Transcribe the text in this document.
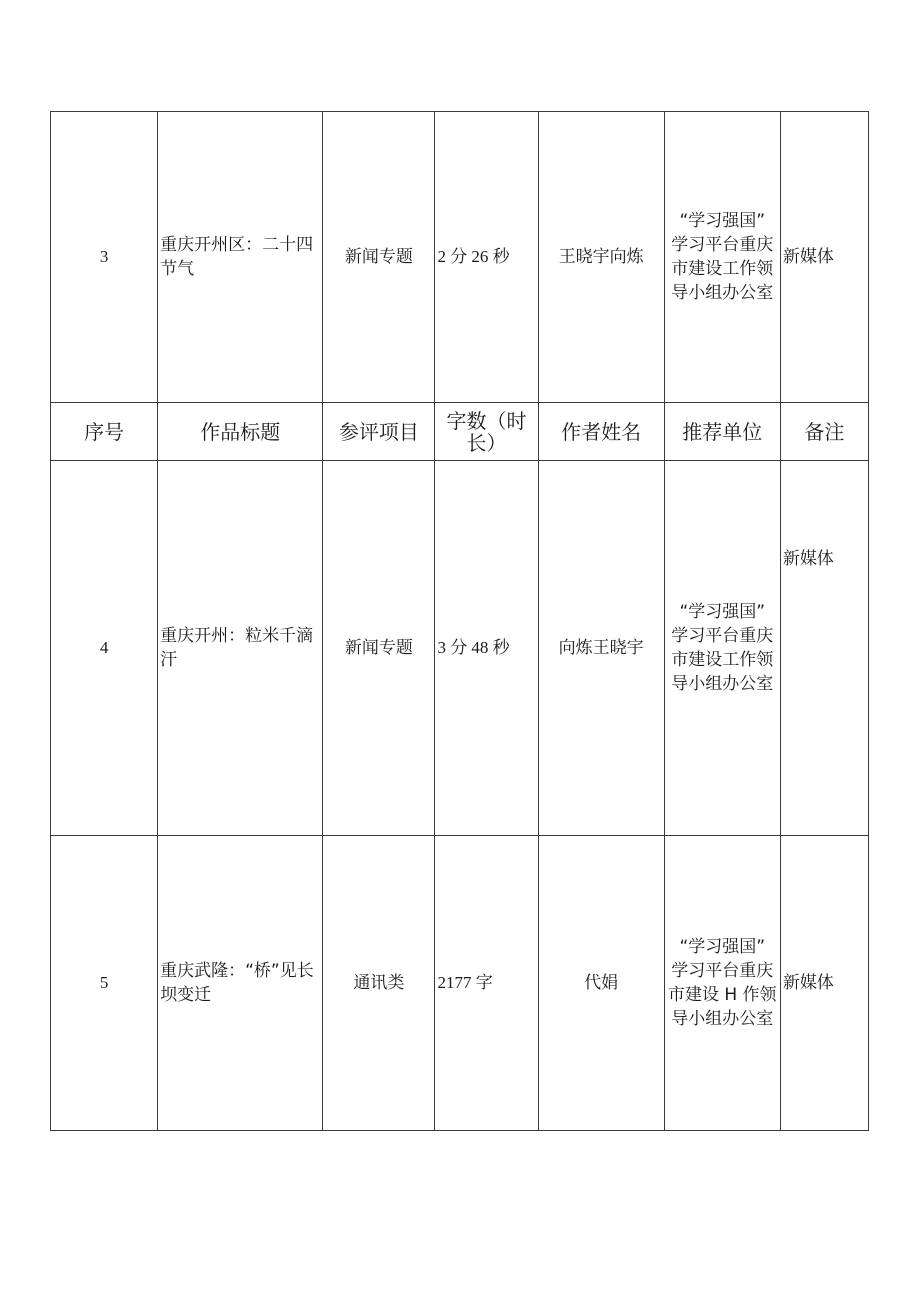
3	重庆开州区：二十四节气	新闻专题	2 分 26 秒	王晓宇向炼	“学习强国”
学习平台重庆
市建设工作领
导小组办公室	新媒体
序号	作品标题	参评项目	字数（时长）	作者姓名	推荐单位	备注
4	重庆开州：粒米千滴汗	新闻专题	3 分 48 秒	向炼王晓宇	“学习强国”
学习平台重庆
市建设工作领
导小组办公室	新媒体
5	重庆武隆：“桥”见长坝变迁	通讯类	2177 字	代娟	“学习强国”
学习平台重庆
市建设 H 作领
导小组办公室	新媒体
